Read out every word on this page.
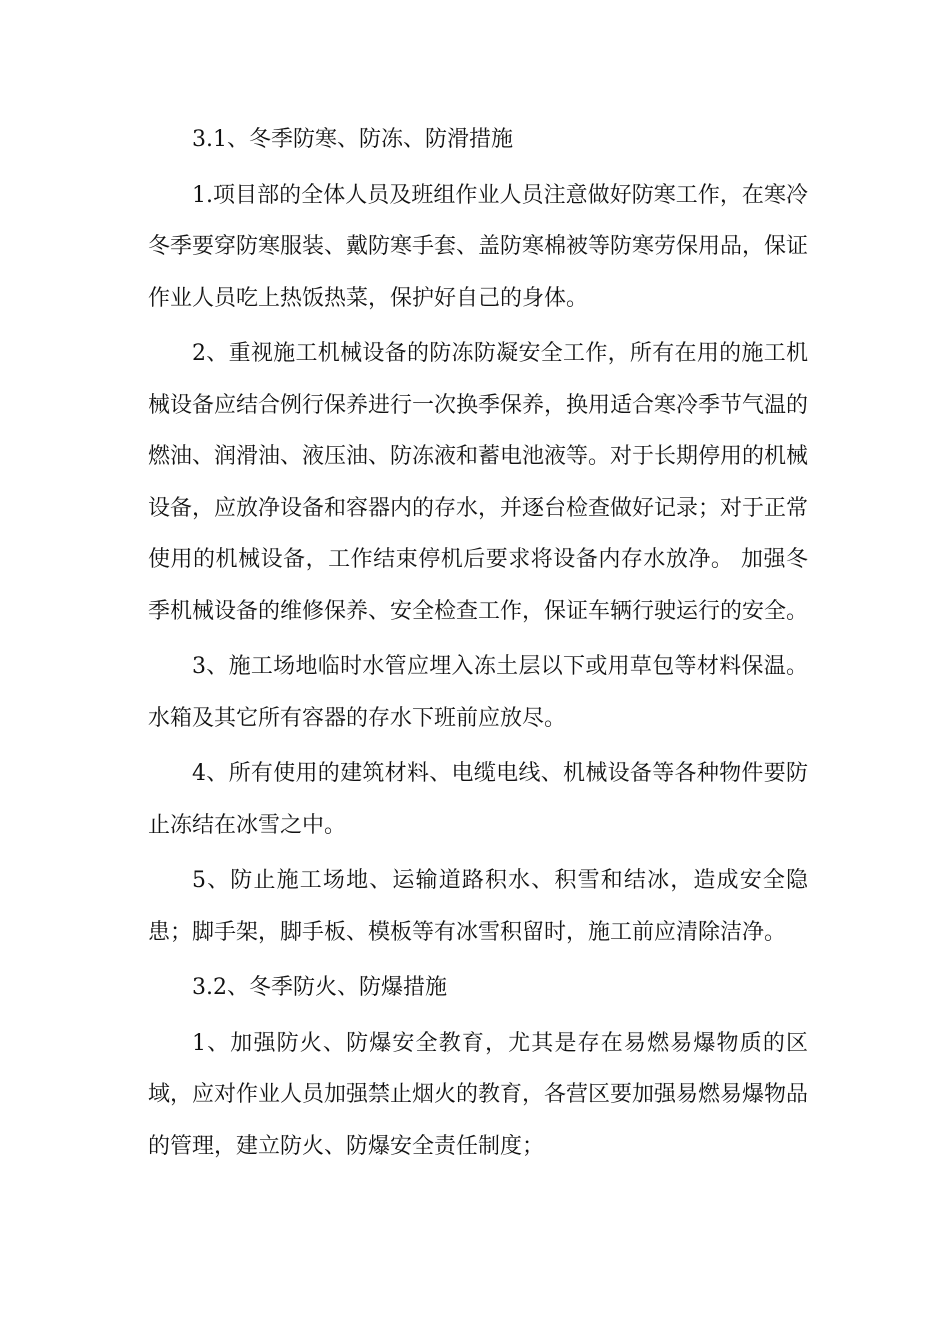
3.1、冬季防寒、防冻、防滑措施

1.项目部的全体人员及班组作业人员注意做好防寒工作，在寒冷冬季要穿防寒服装、戴防寒手套、盖防寒棉被等防寒劳保用品，保证作业人员吃上热饭热菜，保护好自己的身体。

2、重视施工机械设备的防冻防凝安全工作，所有在用的施工机械设备应结合例行保养进行一次换季保养，换用适合寒冷季节气温的燃油、润滑油、液压油、防冻液和蓄电池液等。对于长期停用的机械设备，应放净设备和容器内的存水，并逐台检查做好记录；对于正常使用的机械设备，工作结束停机后要求将设备内存水放净。 加强冬季机械设备的维修保养、安全检查工作，保证车辆行驶运行的安全。

3、施工场地临时水管应埋入冻土层以下或用草包等材料保温。水箱及其它所有容器的存水下班前应放尽。

4、所有使用的建筑材料、电缆电线、机械设备等各种物件要防止冻结在冰雪之中。

5、防止施工场地、运输道路积水、积雪和结冰，造成安全隐患；脚手架，脚手板、模板等有冰雪积留时，施工前应清除洁净。

3.2、冬季防火、防爆措施

1、加强防火、防爆安全教育，尤其是存在易燃易爆物质的区域，应对作业人员加强禁止烟火的教育，各营区要加强易燃易爆物品的管理，建立防火、防爆安全责任制度；
